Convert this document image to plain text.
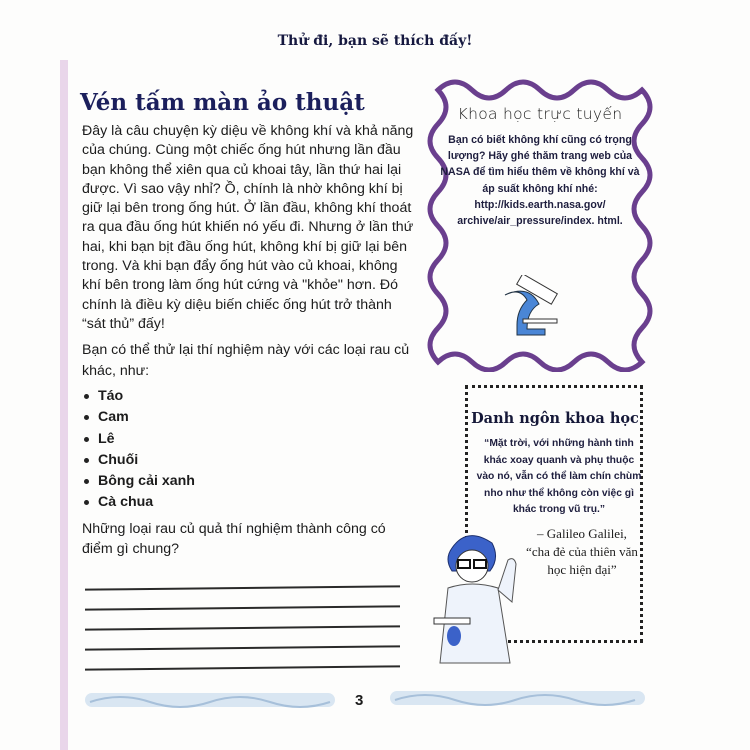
Thử đi, bạn sẽ thích đấy!
Vén tấm màn ảo thuật
Đây là câu chuyện kỳ diệu về không khí và khả năng của chúng. Cùng một chiếc ống hút nhưng lần đầu bạn không thể xiên qua củ khoai tây, lần thứ hai lại được. Vì sao vậy nhỉ? Ồ, chính là nhờ không khí bị giữ lại bên trong ống hút. Ở lần đầu, không khí thoát ra qua đầu ống hút khiến nó yếu đi. Nhưng ở lần thứ hai, khi bạn bịt đầu ống hút, không khí bị giữ lại bên trong. Và khi bạn đẩy ống hút vào củ khoai, không khí bên trong làm ống hút cứng và "khỏe" hơn. Đó chính là điều kỳ diệu biến chiếc ống hút trở thành “sát thủ” đấy!
Bạn có thể thử lại thí nghiệm này với các loại rau củ khác, như:
Táo
Cam
Lê
Chuối
Bông cải xanh
Cà chua
Những loại rau củ quả thí nghiệm thành công có điểm gì chung?
Khoa học trực tuyến
Bạn có biết không khí cũng có trọng lượng? Hãy ghé thăm trang web của NASA để tìm hiểu thêm về không khí và áp suất không khí nhé: http://kids.earth.nasa.gov/ archive/air_pressure/index. html.
Danh ngôn khoa học
“Mặt trời, với những hành tinh khác xoay quanh và phụ thuộc vào nó, vẫn có thể làm chín chùm nho như thể không còn việc gì khác trong vũ trụ.”
– Galileo Galilei,
“cha đẻ của thiên văn học hiện đại”
3
